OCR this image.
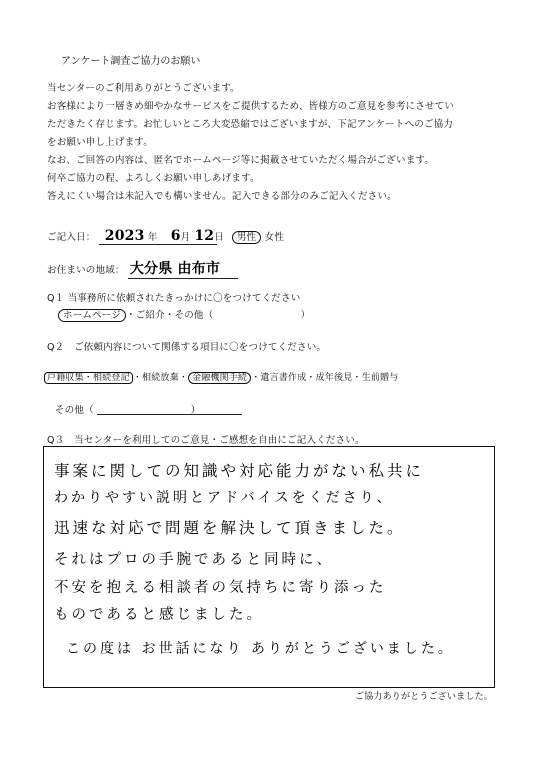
アンケート調査ご協力のお願い
当センターのご利用ありがとうございます。
お客様により一層きめ細やかなサービスをご提供するため、皆様方のご意見を参考にさせてい
ただきたく存じます。お忙しいところ大変恐縮ではございますが、下記アンケートへのご協力
をお願い申し上げます。
なお、ご回答の内容は、匿名でホームページ等に掲載させていただく場合がございます。
何卒ご協力の程、よろしくお願い申しあげます。
答えにくい場合は未記入でも構いません。記入できる部分のみご記入ください。
ご記入日： 2023 年 6月 12日 男性 女性
お住まいの地域： 大分県 由布市
Q１ 当事務所に依頼されたきっかけに〇をつけてください
ホームページ ・ご紹介・その他（　　　　　　　　　）
Q２　ご依頼内容について関係する項目に〇をつけてください。
戸籍収集・相続登記 ・相続放棄・ 金融機関手続 ・遺言書作成・成年後見・生前贈与
その他（　　　　　　　　　　）
Q３　当センターを利用してのご意見・ご感想を自由にご記入ください。
事案に関しての知識や対応能力がない私共に
わかりやすい説明とアドバイスをくださり、
迅速な対応で問題を解決して頂きました。
それはプロの手腕であると同時に、
不安を抱える相談者の気持ちに寄り添った
ものであると感じました。
この度は お世話になり ありがとうございました。
ご協力ありがとうございました。
